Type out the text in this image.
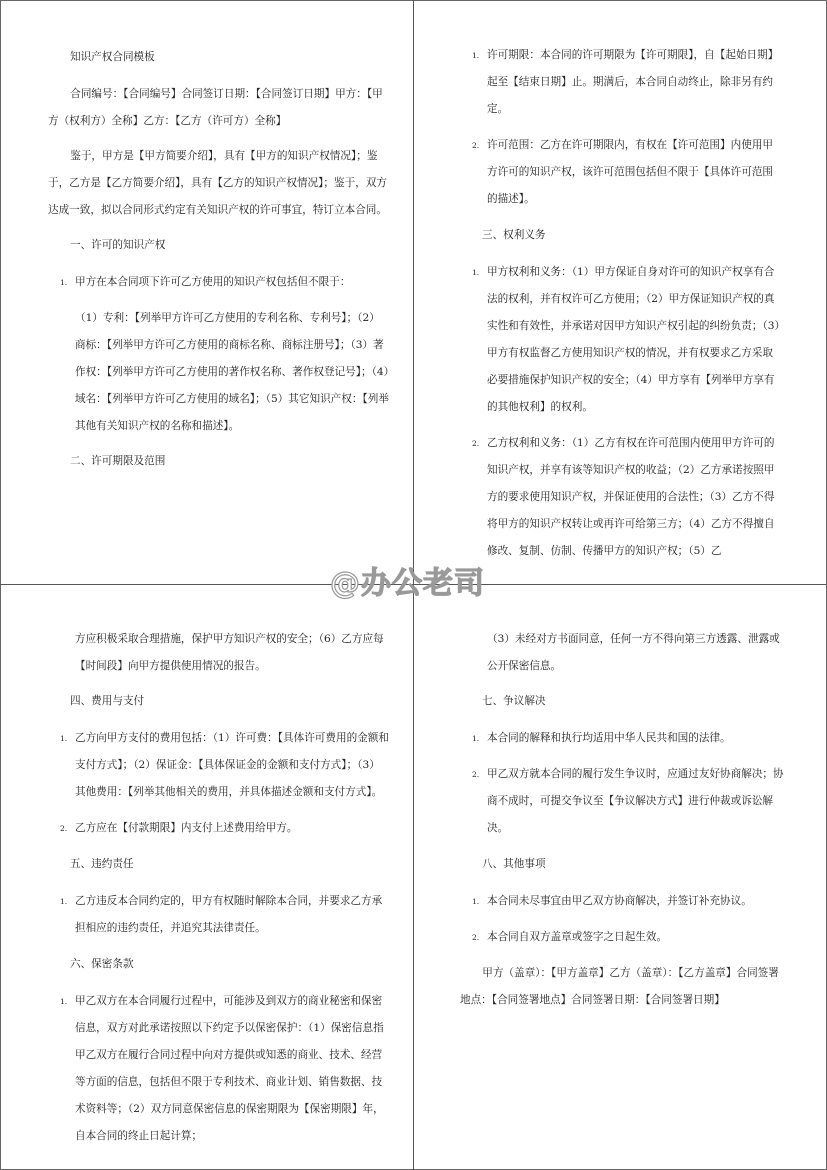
知识产权合同模板

合同编号：【合同编号】合同签订日期：【合同签订日期】甲方：【甲方（权利方）全称】乙方：【乙方（许可方）全称】

鉴于，甲方是【甲方简要介绍】，具有【甲方的知识产权情况】；鉴于，乙方是【乙方简要介绍】，具有【乙方的知识产权情况】；鉴于，双方达成一致，拟以合同形式约定有关知识产权的许可事宜，特订立本合同。

一、许可的知识产权

1. 甲方在本合同项下许可乙方使用的知识产权包括但不限于：

（1）专利：【列举甲方许可乙方使用的专利名称、专利号】；（2）商标：【列举甲方许可乙方使用的商标名称、商标注册号】；（3）著作权：【列举甲方许可乙方使用的著作权名称、著作权登记号】；（4）域名：【列举甲方许可乙方使用的域名】；（5）其它知识产权：【列举其他有关知识产权的名称和描述】。

二、许可期限及范围

1. 许可期限：本合同的许可期限为【许可期限】，自【起始日期】起至【结束日期】止。期满后，本合同自动终止，除非另有约定。
2. 许可范围：乙方在许可期限内，有权在【许可范围】内使用甲方许可的知识产权，该许可范围包括但不限于【具体许可范围的描述】。

三、权利义务

1. 甲方权利和义务：（1）甲方保证自身对许可的知识产权享有合法的权利，并有权许可乙方使用；（2）甲方保证知识产权的真实性和有效性，并承诺对因甲方知识产权引起的纠纷负责；（3）甲方有权监督乙方使用知识产权的情况，并有权要求乙方采取必要措施保护知识产权的安全；（4）甲方享有【列举甲方享有的其他权利】的权利。
2. 乙方权利和义务：（1）乙方有权在许可范围内使用甲方许可的知识产权，并享有该等知识产权的收益；（2）乙方承诺按照甲方的要求使用知识产权，并保证使用的合法性；（3）乙方不得将甲方的知识产权转让或再许可给第三方；（4）乙方不得擅自修改、复制、仿制、传播甲方的知识产权；（5）乙

方应积极采取合理措施，保护甲方知识产权的安全；（6）乙方应每【时间段】向甲方提供使用情况的报告。

四、费用与支付

1. 乙方向甲方支付的费用包括：（1）许可费：【具体许可费用的金额和支付方式】；（2）保证金：【具体保证金的金额和支付方式】；（3）其他费用：【列举其他相关的费用，并具体描述金额和支付方式】。
2. 乙方应在【付款期限】内支付上述费用给甲方。

五、违约责任

1. 乙方违反本合同约定的，甲方有权随时解除本合同，并要求乙方承担相应的违约责任，并追究其法律责任。

六、保密条款

1. 甲乙双方在本合同履行过程中，可能涉及到双方的商业秘密和保密信息，双方对此承诺按照以下约定予以保密保护：（1）保密信息指甲乙双方在履行合同过程中向对方提供或知悉的商业、技术、经营等方面的信息，包括但不限于专利技术、商业计划、销售数据、技术资料等；（2）双方同意保密信息的保密期限为【保密期限】年，自本合同的终止日起计算；

（3）未经对方书面同意，任何一方不得向第三方透露、泄露或公开保密信息。

七、争议解决

1. 本合同的解释和执行均适用中华人民共和国的法律。
2. 甲乙双方就本合同的履行发生争议时，应通过友好协商解决；协商不成时，可提交争议至【争议解决方式】进行仲裁或诉讼解决。

八、其他事项

1. 本合同未尽事宜由甲乙双方协商解决，并签订补充协议。
2. 本合同自双方盖章或签字之日起生效。

甲方（盖章）：【甲方盖章】乙方（盖章）：【乙方盖章】合同签署地点：【合同签署地点】合同签署日期：【合同签署日期】

@办公老司
